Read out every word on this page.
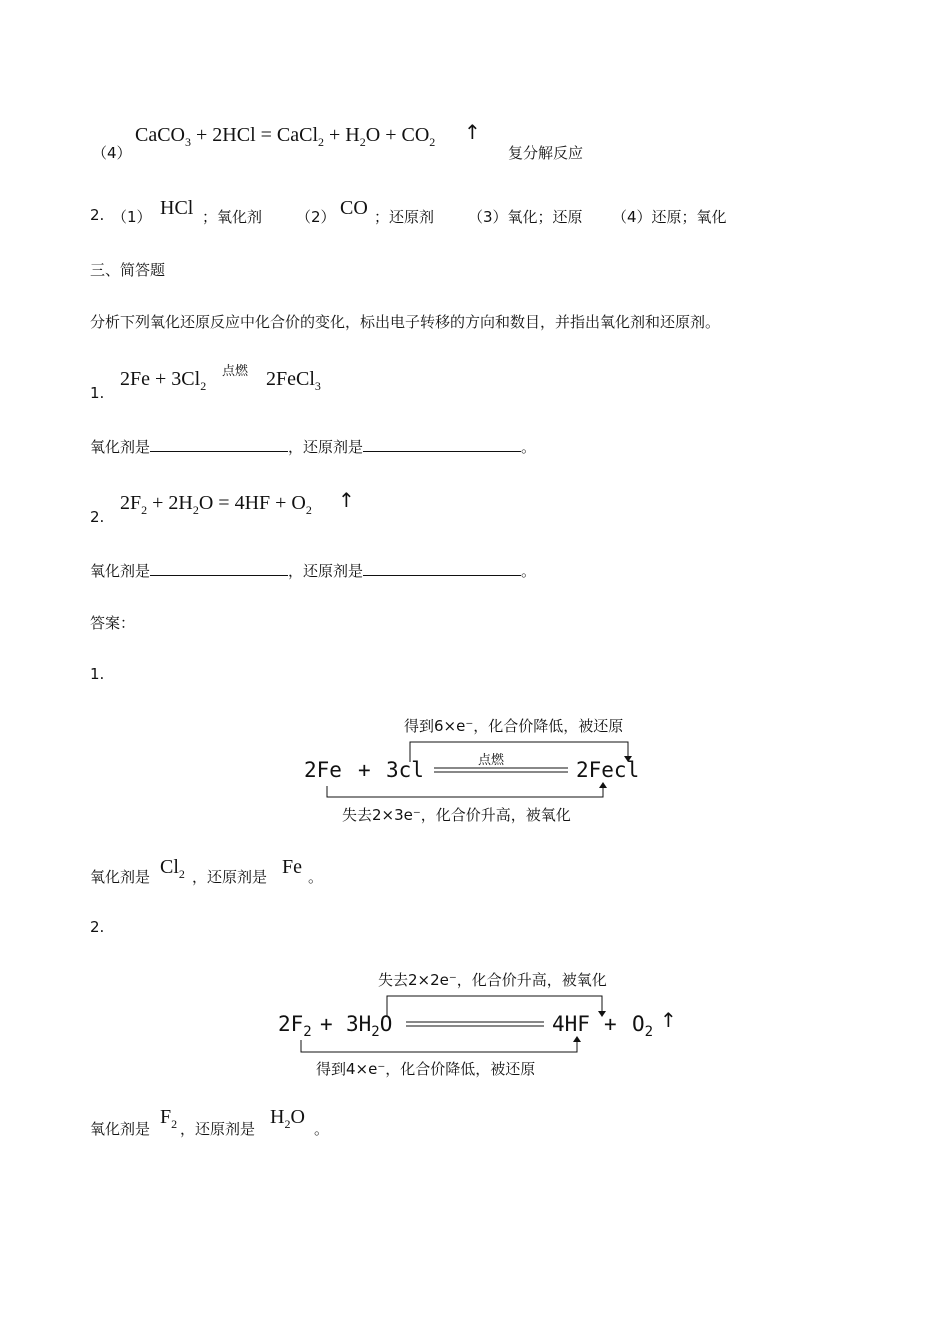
（4）
CaCO$_3$ + 2HCl = CaCl$_2$ + $H_2O + CO_2$ ↑
复分解反应
2. （1） HCl ；氧化剂 （2） CO ；还原剂 （3）氧化；还原 （4）还原；氧化
三、简答题
分析下列氧化还原反应中化合价的变化，标出电子转移的方向和数目，并指出氧化剂和还原剂。
1.
$2Fe + 3Cl_2$
点燃 2FeCl$_3$
氧化剂是	，还原剂是	。
2.
$2F_2 + 2H_2O = 4HF + O_2$ ↑
氧化剂是	，还原剂是	。
答案：
1.
得到6×e⁻，化合价降低，被还原
点燃
2Fe + 3cl	2Fecl
失去2×3e⁻，化合价升高，被氧化
氧化剂是 $Cl_2$ ，还原剂是 Fe 。
2.
失去2×2e⁻，化合价升高，被氧化
$2F_2 + 3H_2O$	$4HF + O_2$
↑
得到4×e⁻，化合价降低，被还原
氧化剂是
$F_2$ ，还原剂是
$H_2O$
。
